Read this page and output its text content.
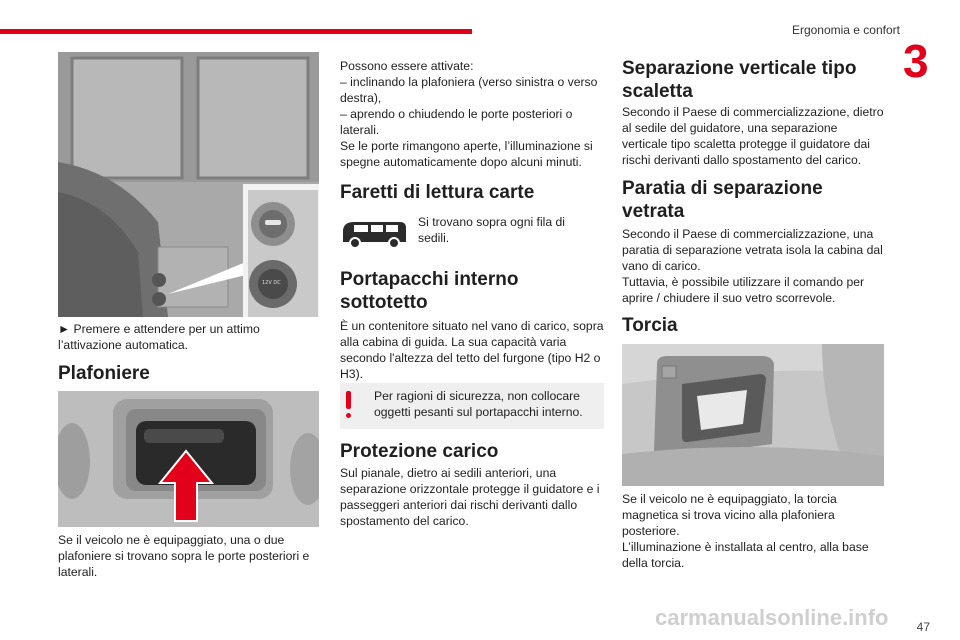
Ergonomia e confort
3
12V DC

► Premere e attendere per un attimo l’attivazione automatica.

Plafoniere

Se il veicolo ne è equipaggiato, una o due plafoniere si trovano sopra le porte posteriori e laterali.

Possono essere attivate:
– inclinando la plafoniera (verso sinistra o verso destra),
– aprendo o chiudendo le porte posteriori o laterali.
Se le porte rimangono aperte, l’illuminazione si spegne automaticamente dopo alcuni minuti.

Faretti di lettura carte

Si trovano sopra ogni fila di sedili.

Portapacchi interno sottotetto

È un contenitore situato nel vano di carico, sopra alla cabina di guida. La sua capacità varia secondo l'altezza del tetto del furgone (tipo H2 o H3).

Per ragioni di sicurezza, non collocare oggetti pesanti sul portapacchi interno.

Protezione carico

Sul pianale, dietro ai sedili anteriori, una separazione orizzontale protegge il guidatore e i passeggeri anteriori dai rischi derivanti dallo spostamento del carico.

Separazione verticale tipo scaletta

Secondo il Paese di commercializzazione, dietro al sedile del guidatore, una separazione verticale tipo scaletta protegge il guidatore dai rischi derivanti dallo spostamento del carico.

Paratia di separazione vetrata

Secondo il Paese di commercializzazione, una paratia di separazione vetrata isola la cabina dal vano di carico.
Tuttavia, è possibile utilizzare il comando per aprire / chiudere il suo vetro scorrevole.

Torcia

Se il veicolo ne è equipaggiato, la torcia magnetica si trova vicino alla plafoniera posteriore.
L’illuminazione è installata al centro, alla base della torcia.

carmanualsonline.info 47
